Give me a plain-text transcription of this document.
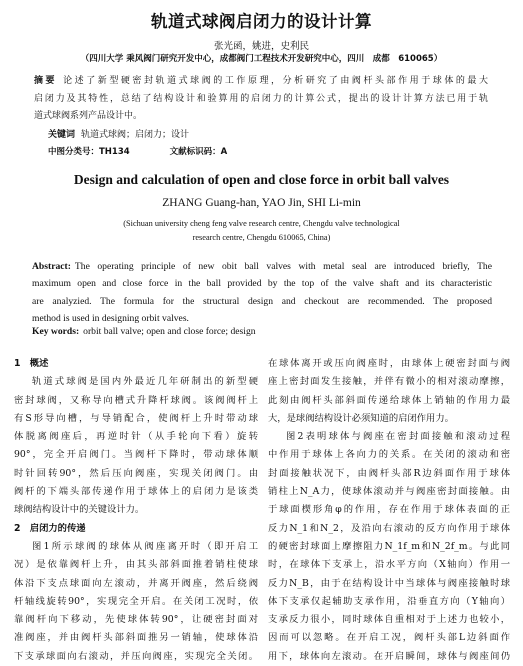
轨道式球阀启闭力的设计计算
张光函，姚进，史利民
（四川大学 乘风阀门研究开发中心，成都阀门工程技术开发研究中心，四川　成都　610065）
摘要 论述了新型硬密封轨道式球阀的工作原理，分析研究了由阀杆头部作用于球体的最大
启闭力及其特性，总结了结构设计和验算用的启闭力的计算公式，提出的设计计算方法已用于轨
道式球阀系列产品设计中。
关键词 轨道式球阀；启闭力；设计
中图分类号：TH134	文献标识码：A
Design and calculation of open and close force in orbit ball valves
ZHANG Guang-han, YAO Jin, SHI Li-min
(Sichuan university cheng feng valve research centre, Chengdu valve technological
research centre, Chengdu 610065, China)
Abstract: The operating principle of new obit ball valves with metal seal are introduced briefly, The
maximum open and close force in the ball provided by the top of the valve shaft and its characteristic
are analyzied. The formula for the structural design and checkout are recommended. The proposed
method is used in designing orbit valves.
Key words: orbit ball valve; open and close force; design
1　概述
轨道式球阀是国内外最近几年研制出的新型硬
密封球阀，又称导向槽式升降杆球阀。该阀阀杆上
有S形导向槽，与导销配合，使阀杆上升时带动球
体脱离阀座后，再逆时针（从手轮向下看）旋转
90°，完全开启阀门。当阀杆下降时，带动球体顺
时针回转90°，然后压向阀座，实现关闭阀门。由
阀杆的下端头部传递作用于球体上的启闭力是该类
球阀结构设计中的关键设计力。
2　启闭力的传递
图1所示球阀的球体从阀座离开时（即开启工
况）是依靠阀杆上升，由其头部斜面推着销柱使球
体沿下支点球面向左滚动，并离开阀座，然后绕阀
杆轴线旋转90°，实现完全开启。在关闭工况时，依
靠阀杆向下移动，先使球体转90°，让硬密封面对
准阀座，并由阀杆头部斜面推另一销轴，使球体沿
下支承球面向右滚动，并压向阀座，实现完全关闭。
在球体离开或压向阀座时，由球体上硬密封面与阀
座上密封面发生接触，并伴有微小的相对滚动摩擦，
此刻由阀杆头部斜面传递给球体上销轴的作用力最
大，是球阀结构设计必须知道的启闭作用力。
图2表明球体与阀座在密封面接触和滚动过程
中作用于球体上各向力的关系。在关闭的滚动和密
封面接触状况下，由阀杆头部R边斜面作用于球体
销柱上N_A力，使球体滚动并与阀座密封面接触。由
于球面楔形角φ的作用，存在作用于球体表面的正
反力N_1和N_2，及沿向右滚动的反方向作用于球体
的硬密封球面上摩擦阻力N_1f_m和N_2f_m。与此同
时，在球体下支承上，沿水平方向（X轴向）作用一
反力N_B，由于在结构设计中当球体与阀座接触时球
体下支承仅起辅助支承作用，沿垂直方向（Y轴向）
支承反力很小，同时球体自重相对于上述力也较小，
因而可以忽略。在开启工况，阀杆头部L边斜面作
用下，球体向左滚动。在开启瞬间，球体与阀座间仍
